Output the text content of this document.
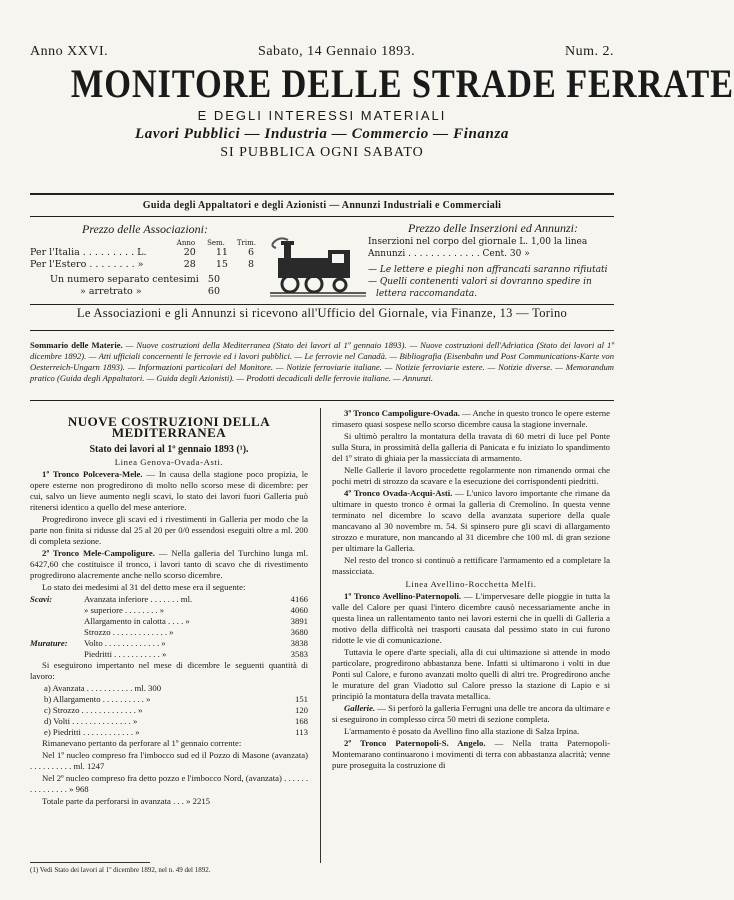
Anno XXVI.	Sabato, 14 Gennaio 1893.	Num. 2.
MONITORE DELLE STRADE FERRATE
E DEGLI INTERESSI MATERIALI
Lavori Pubblici — Industria — Commercio — Finanza
SI PUBBLICA OGNI SABATO
Guida degli Appaltatori e degli Azionisti — Annunzi Industriali e Commerciali
Prezzo delle Associazioni:
Anno Sem. Trim.
Per l'Italia . . . . . . . . . L.	20 11 6
Per l'Estero . . . . . . . . »	28 15 8
Un numero separato centesimi 50
» arretrato »	60
Prezzo delle Inserzioni ed Annunzi:
Inserzioni nel corpo del giornale L. 1,00 la linea
Annunzi . . . . . . . . . . . . . Cent. 30 »
— Le lettere e pieghi non affrancati saranno rifiutati
— Quelli contenenti valori si dovranno spedire in
lettera raccomandata.
Le Associazioni e gli Annunzi si ricevono all'Ufficio del Giornale, via Finanze, 13 — Torino
Sommario delle Materie. — Nuove costruzioni della Mediterranea (Stato dei lavori al 1º gennaio 1893). — Nuove costruzioni dell'Adriatica (Stato dei lavori al 1º dicembre 1892). — Atti ufficiali concernenti le ferrovie ed i lavori pubblici. — Le ferrovie nel Canadà. — Bibliografia (Eisenbahn und Post Communications-Karte von Oesterreich-Ungarn 1893). — Informazioni particolari del Monitore. — Notizie ferroviarie italiane. — Notizie ferroviarie estere. — Notizie diverse. — Memorandum pratico (Guida degli Appaltatori. — Guida degli Azionisti). — Prodotti decadicali delle ferrovie italiane. — Annunzi.
NUOVE COSTRUZIONI DELLA MEDITERRANEA
Stato dei lavori al 1º gennaio 1893 (¹).

Linea Genova-Ovada-Asti.

1º Tronco Polcevera-Mele. — In causa della stagione poco propizia, le opere esterne non progredirono di molto nello scorso mese di dicembre: per cui, salvo un lieve aumento negli scavi, lo stato dei lavori fuori Galleria può ritenersi identico a quello del mese anteriore.

Progredirono invece gli scavi ed i rivestimenti in Galleria per modo che la parte non finita si ridusse dal 25 al 20 per 0/0 essendosi eseguiti oltre a ml. 200 di completa sezione.

2º Tronco Mele-Campoligure. — Nella galleria del Turchino lunga ml. 6427,60 che costituisce il tronco, i lavori tanto di scavo che di rivestimento progredirono alacremente anche nello scorso dicembre.

Lo stato dei medesimi al 31 del detto mese era il seguente:

Scavi:	Avanzata inferiore . . . . . . . ml.	4166
» superiore . . . . . . . . »	4060
Allargamento in calotta . . . . »	3891
Strozzo . . . . . . . . . . . . . »	3680
Murature:	Volto . . . . . . . . . . . . . »	3838
Piedritti . . . . . . . . . . . »	3583

Si eseguirono impertanto nel mese di dicembre le seguenti quantità di lavoro:

a) Avanzata . . . . . . . . . . . ml. 300
b) Allargamento . . . . . . . . . . »	151
c) Strozzo . . . . . . . . . . . . . »	120
d) Volti . . . . . . . . . . . . . . »	168
e) Piedritti . . . . . . . . . . . . »	113

Rimanevano pertanto da perforare al 1º gennaio corrente:

Nel 1º nucleo compreso fra l'imbocco sud ed il Pozzo di Masone (avanzata) . . . . . . . . . . ml. 1247

Nel 2º nucleo compreso fra detto pozzo e l'imbocco Nord, (avanzata) . . . . . . . . . . . . . . . » 968

Totale parte da perforarsi in avanzata . . . » 2215

3º Tronco Campoligure-Ovada. — Anche in questo tronco le opere esterne rimasero quasi sospese nello scorso dicembre causa la stagione invernale.

Si ultimò peraltro la montatura della travata di 60 metri di luce pel Ponte sulla Stura, in prossimità della galleria di Panicata e fu iniziato lo spandimento del 1º strato di ghiaia per la massicciata di armamento.

Nelle Gallerie il lavoro procedette regolarmente non rimanendo ormai che pochi metri di strozzo da scavare e la esecuzione dei corrispondenti piedritti.

4º Tronco Ovada-Acqui-Asti. — L'unico lavoro importante che rimane da ultimare in questo tronco è ormai la galleria di Cremolino. In questa venne terminato nel dicembre lo scavo della avanzata superiore della quale mancavano al 30 novembre m. 54. Si spinsero pure gli scavi di allargamento strozzo e murature, non mancando al 31 dicembre che 100 ml. di gran sezione per ultimare la Galleria.

Nel resto del tronco si continuò a rettificare l'armamento ed a completare la massicciata.

Linea Avellino-Rocchetta Melfi.

1º Tronco Avellino-Paternopoli. — L'impervesare delle pioggie in tutta la valle del Calore per quasi l'intero dicembre causò necessariamente anche in questa linea un rallentamento tanto nei lavori esterni che in quelli di Galleria a motivo della difficoltà nei trasporti causata dal pessimo stato in cui furono ridotte le vie di comunicazione.

Tuttavia le opere d'arte speciali, alla di cui ultimazione si attende in modo particolare, progredirono abbastanza bene. Infatti si ultimarono i volti in due Ponti sul Calore, e furono avanzati molto quelli di altri tre. Progredirono anche le murature del gran Viadotto sul Calore presso la stazione di Lapio e si principiò la montatura della travata metallica.

Gallerie. — Si perforò la galleria Ferrugni una delle tre ancora da ultimare e si eseguirono in complesso circa 50 metri di sezione completa.

L'armamento è posato da Avellino fino alla stazione di Salza Irpina.

2º Tronco Paternopoli-S. Angelo. — Nella tratta Paternopoli-Montemarano continuarono i movimenti di terra con abbastanza alacrità; venne pure proseguita la costruzione di

(1) Vedi Stato dei lavori al 1º dicembre 1892, nel n. 49 del 1892.
